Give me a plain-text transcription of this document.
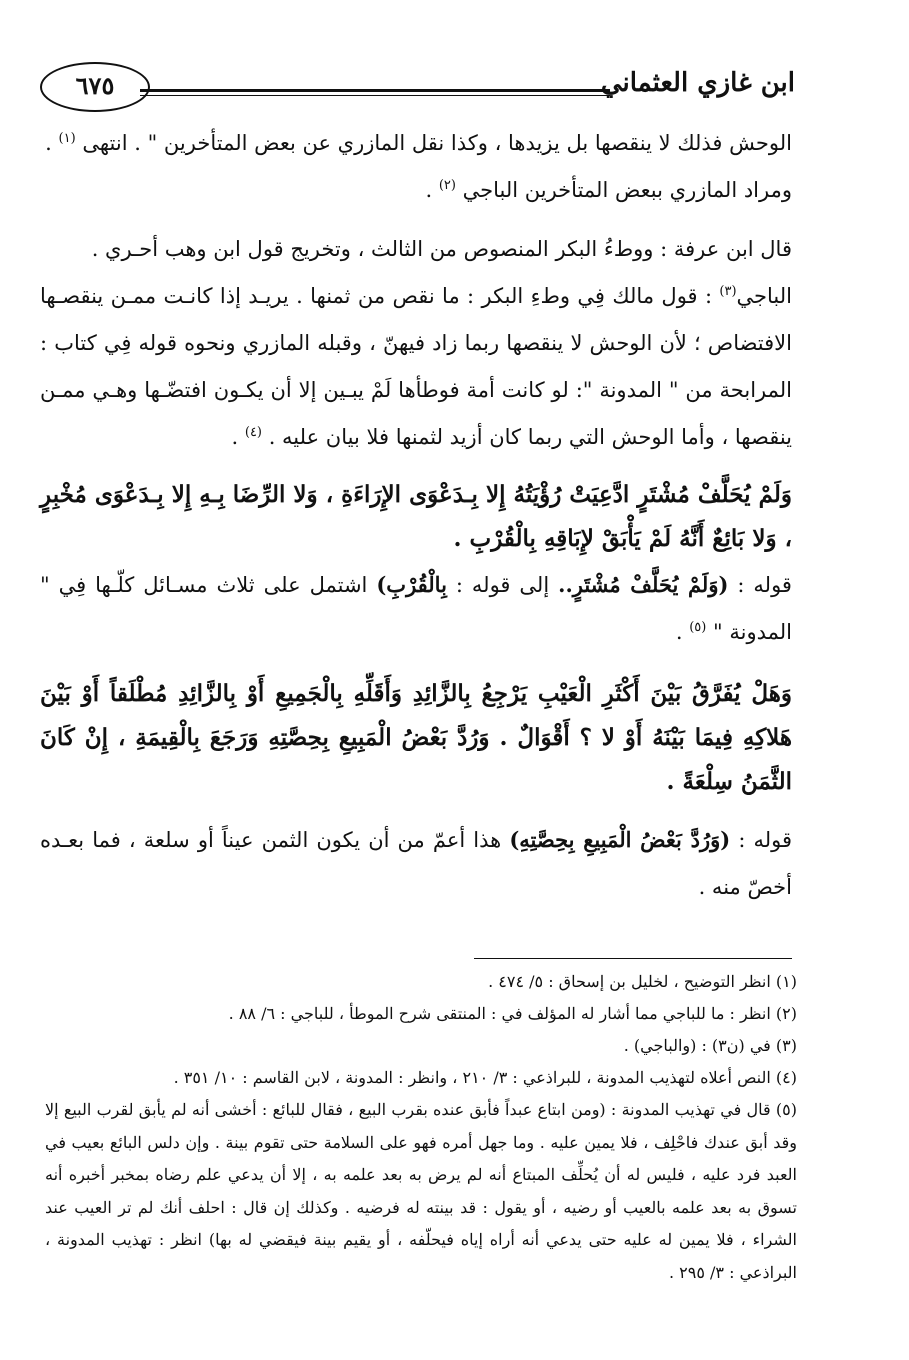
ابن غازي العثماني
٦٧٥

الوحش فذلك لا ينقصها بل يزيدها ، وكذا نقل المازري عن بعض المتأخرين " . انتهى $^{(١)}$ .

ومراد المازري ببعض المتأخرين الباجي $^{(٢)}$ .

قال ابن عرفة : ووطءُ البكر المنصوص من الثالث ، وتخريج قول ابن وهب أحـري .
الباجي$^{(٣)}$ : قول مالك فِي وطءِ البكر : ما نقص من ثمنها . يريـد إذا كانـت ممـن ينقصـها الافتضاص ؛ لأن الوحش لا ينقصها ربما زاد فيهنّ ، وقبله المازري ونحوه قوله فِي كتاب : المرابحة من " المدونة ": لو كانت أمة فوطأها لَمْ يبـين إلا أن يكـون افتضّـها وهـي ممـن ينقصها ، وأما الوحش التي ربما كان أزيد لثمنها فلا بيان عليه . $^{(٤)}$ .

وَلَمْ يُحَلَّفْ مُشْتَرٍ ادَّعِيَتْ رُؤْيَتُهُ إِلا بِـدَعْوَى الإِرَاءَةِ ، وَلا الرِّضَا بِـهِ إِلا بِـدَعْوَى مُخْبِرٍ ، وَلا بَائِعٌ أَنَّهُ لَمْ يَأْبَقْ لإِبَاقِهِ بِالْقُرْبِ .

قوله : (وَلَمْ يُحَلَّفْ مُشْتَرٍ.. إلى قوله : بِالْقُرْبِ) اشتمل على ثلاث مسـائل كلّـها فِي " المدونة " $^{(٥)}$ .

وَهَلْ يُفَرَّقُ بَيْنَ أَكْثَرِ الْعَيْبِ يَرْجِعُ بِالزَّائِدِ وَأَقَلِّهِ بِالْجَمِيعِ أَوْ بِالزَّائِدِ مُطْلَقاً أَوْ بَيْنَ هَلاكِهِ فِيمَا بَيْنَهُ أَوْ لا ؟ أَقْوَالٌ . وَرُدَّ بَعْضُ الْمَبِيعِ بِحِصَّتِهِ وَرَجَعَ بِالْقِيمَةِ ، إِنْ كَانَ الثَّمَنُ سِلْعَةً .

قوله : (وَرُدَّ بَعْضُ الْمَبِيعِ بِحِصَّتِهِ) هذا أعمّ من أن يكون الثمن عيناً أو سلعة ، فما بعـده أخصّ منه .

(١) انظر التوضيح ، لخليل بن إسحاق : ٥/ ٤٧٤ .

(٢) انظر : ما للباجي مما أشار له المؤلف في : المنتقى شرح الموطأ ، للباجي : ٦/ ٨٨ .

(٣) في (ن٣) : (والباجي) .

(٤) النص أعلاه لتهذيب المدونة ، للبراذعي : ٣/ ٢١٠ ، وانظر : المدونة ، لابن القاسم : ١٠/ ٣٥١ .

(٥) قال في تهذيب المدونة : (ومن ابتاع عبداً فأبق عنده بقرب البيع ، فقال للبائع : أخشى أنه لم يأبق لقرب البيع إلا وقد أبق عندك فاحْلِف ، فلا يمين عليه . وما جهل أمره فهو على السلامة حتى تقوم بينة . وإن دلس البائع بعيب في العبد فرد عليه ، فليس له أن يُحلِّف المبتاع أنه لم يرض به بعد علمه به ، إلا أن يدعي علم رضاه بمخبر أخبره أنه تسوق به بعد علمه بالعيب أو رضيه ، أو يقول : قد بينته له فرضيه . وكذلك إن قال : احلف أنك لم تر العيب عند الشراء ، فلا يمين له عليه حتى يدعي أنه أراه إياه فيحلّفه ، أو يقيم بينة فيقضي له بها) انظر : تهذيب المدونة ، البراذعي : ٣/ ٢٩٥ .
